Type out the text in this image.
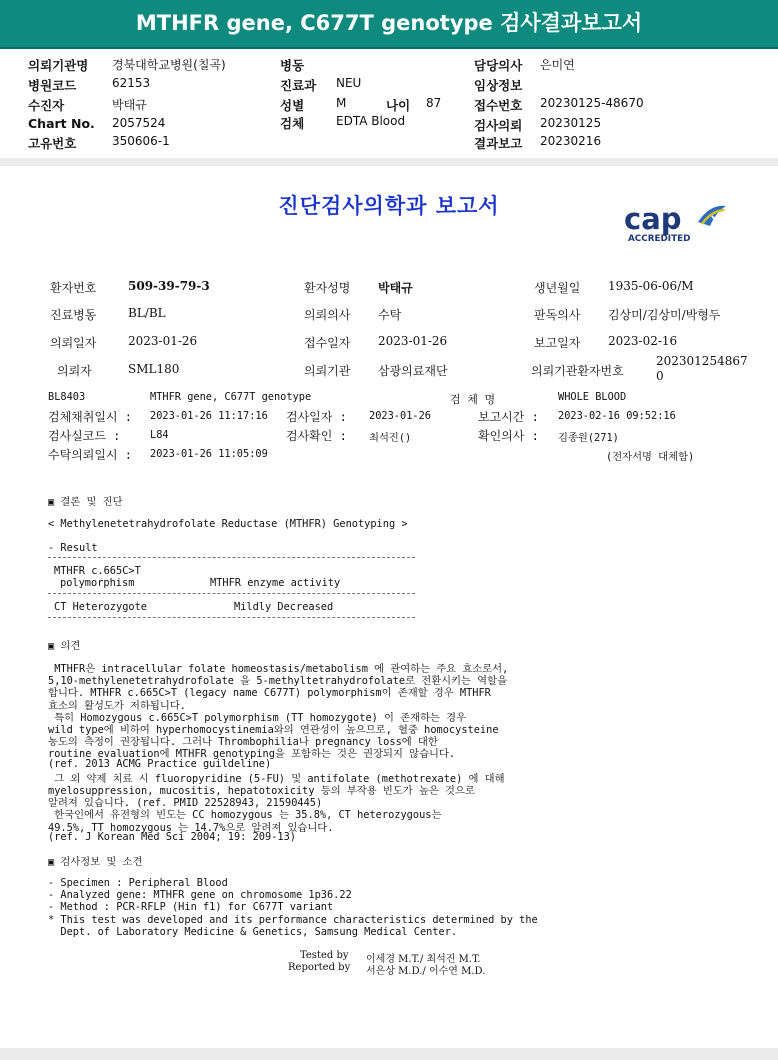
MTHFR gene, C677T genotype 검사결과보고서
의뢰기관명 경북대학교병원(칠곡)
병원코드	62153
수진자	박태규
Chart No. 2057524
고유번호	350606-1
병동
진료과 NEU
성별	M	나이 87
검체	EDTA Blood
담당의사 은미연
임상정보
접수번호 20230125-48670
검사의뢰 20230125
결과보고 20230216
진단검사의학과 보고서	cap
ACCREDITED
환자번호	509-39-79-3	환자성명 박태규	생년월일 1935-06-06/M
진료병동	BL/BL	의뢰의사 수탁	판독의사 김상미/김상미/박형두
의뢰일자	2023-01-26	접수일자 2023-01-26	보고일자 2023-02-16
의뢰자	SML180	의뢰기관 삼광의료재단	의뢰기관환자번호
202301254867
0
BL8403	MTHFR gene, C677T genotype	검 체 명	WHOLE BLOOD
검체채취일시 : 2023-01-26 11:17:16 검사일자 : 2023-01-26	보고시간 : 2023-02-16 09:52:16
검사실코드 :	L84	검사확인 : 최석진()	확인의사 : 김종원(271)
수탁의뢰일시 : 2023-01-26 11:05:09	(전자서명 대체함)
▣ 결론 및 진단
< Methylenetetrahydrofolate Reductase (MTHFR) Genotyping >
- Result
MTHFR c.665C>T
polymorphism	MTHFR enzyme activity
CT Heterozygote	Mildly Decreased
▣ 의견
MTHFR은 intracellular folate homeostasis/metabolism 에 관여하는 주요 효소로서,
5,10-methylenetetrahydrofolate 을 5-methyltetrahydrofolate로 전환시키는 역할을
합니다. MTHFR c.665C>T (legacy name C677T) polymorphism이 존재할 경우 MTHFR
효소의 활성도가 저하됩니다.
특히 Homozygous c.665C>T polymorphism (TT homozygote) 이 존재하는 경우
wild type에 비하여 hyperhomocystinemia와의 연관성이 높으므로, 혈중 homocysteine
농도의 측정이 권장됩니다. 그러나 Thrombophilia나 pregnancy loss에 대한
routine evaluation에 MTHFR genotyping을 포함하는 것은 권장되지 않습니다.
(ref. 2013 ACMG Practice guildeline)
그 외 약제 치료 시 fluoropyridine (5-FU) 및 antifolate (methotrexate) 에 대해
myelosuppression, mucositis, hepatotoxicity 등의 부작용 빈도가 높은 것으로
알려져 있습니다. (ref. PMID 22528943, 21590445)
한국인에서 유전형의 빈도는 CC homozygous 는 35.8%, CT heterozygous는
49.5%, TT homozygous 는 14.7%으로 알려져 있습니다.
(ref. J Korean Med Sci 2004; 19: 209-13)
▣ 검사정보 및 소견
- Specimen : Peripheral Blood
- Analyzed gene: MTHFR gene on chromosome 1p36.22
- Method : PCR-RFLP (Hin f1) for C677T variant
* This test was developed and its performance characteristics determined by the
Dept. of Laboratory Medicine & Genetics, Samsung Medical Center.
Tested by 이세경 M.T./ 최석진 M.T.
Reported by 서은상 M.D./ 이수연 M.D.
